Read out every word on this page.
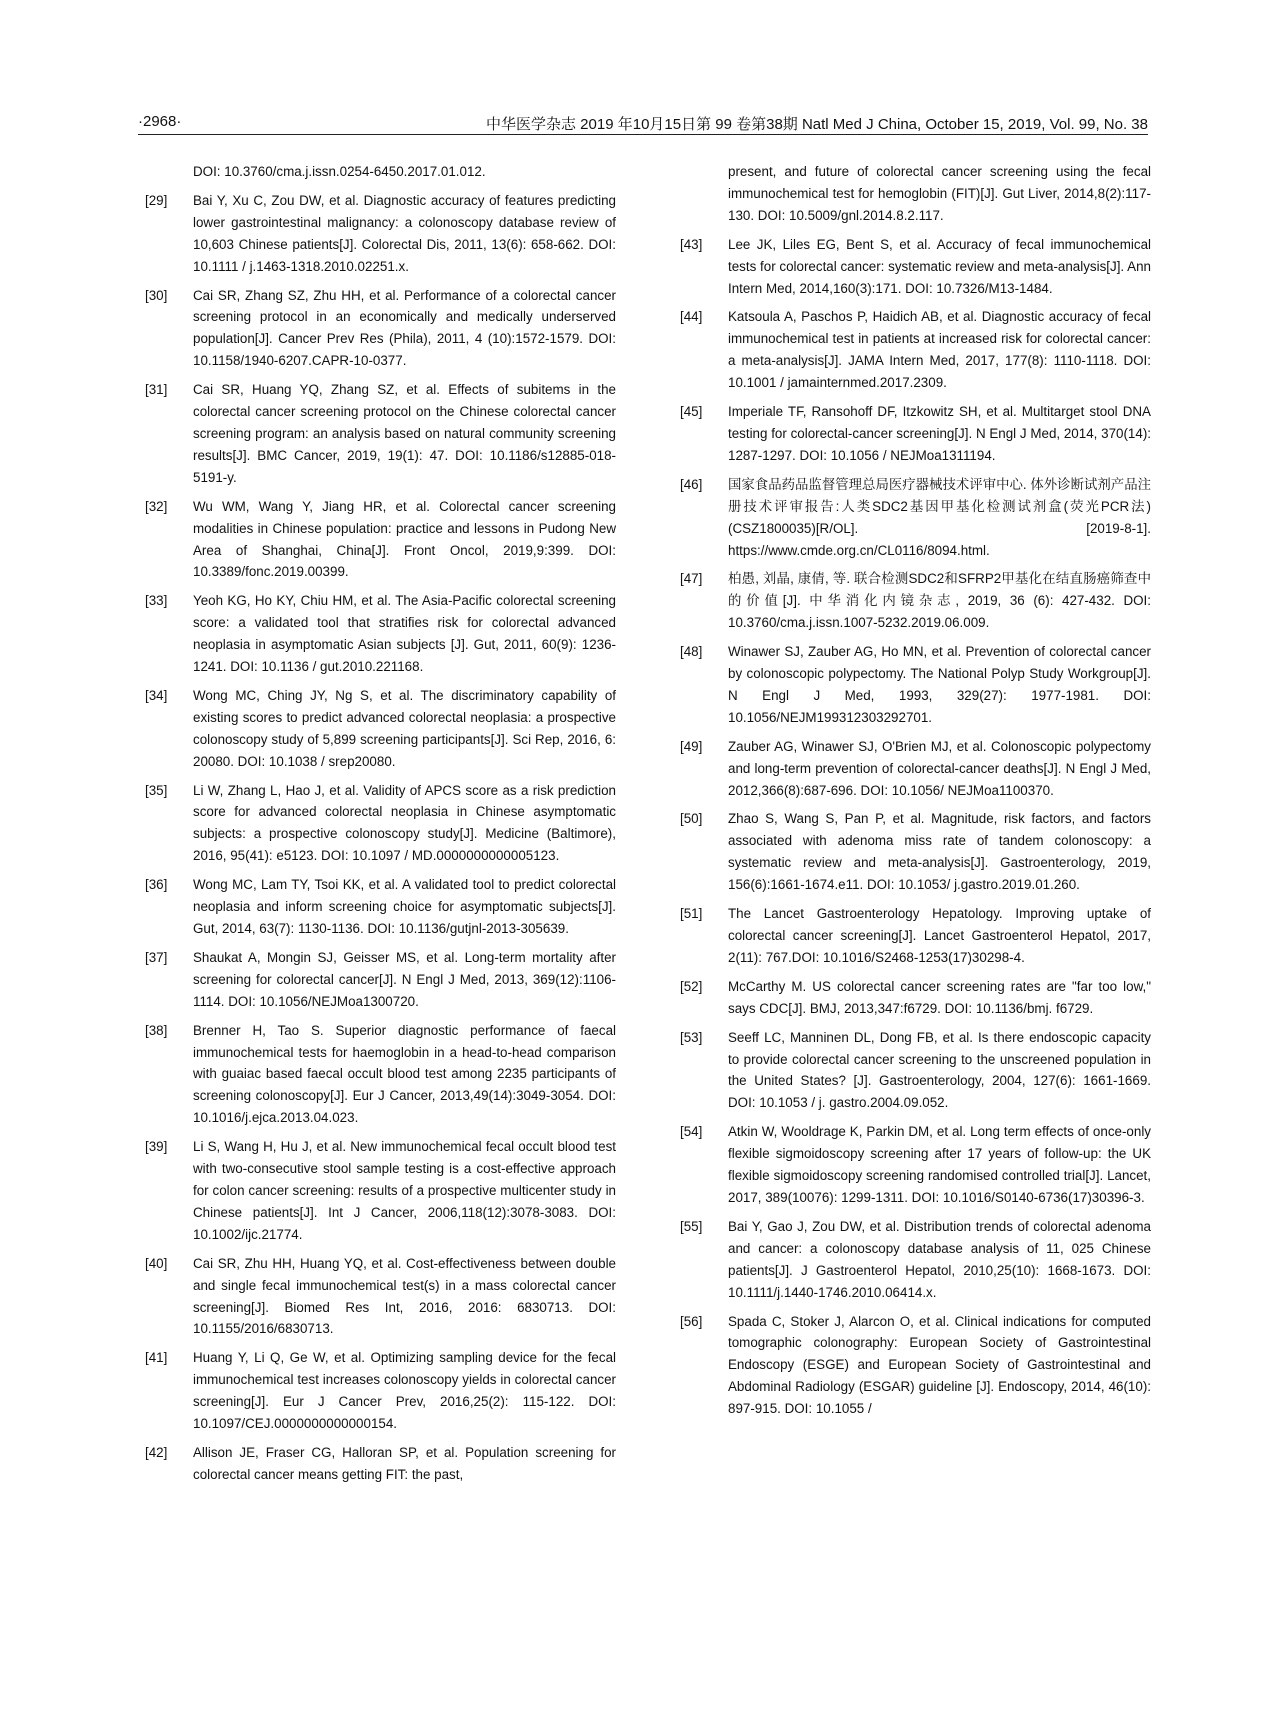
·2968·	中华医学杂志 2019 年10月15日第 99 卷第38期 Natl Med J China, October 15, 2019, Vol. 99, No. 38
DOI: 10.3760/cma.j.issn.0254-6450.2017.01.012.
[29] Bai Y, Xu C, Zou DW, et al. Diagnostic accuracy of features predicting lower gastrointestinal malignancy: a colonoscopy database review of 10,603 Chinese patients[J]. Colorectal Dis, 2011, 13(6): 658-662. DOI: 10.1111 / j.1463-1318.2010.02251.x.
[30] Cai SR, Zhang SZ, Zhu HH, et al. Performance of a colorectal cancer screening protocol in an economically and medically underserved population[J]. Cancer Prev Res (Phila), 2011, 4 (10):1572-1579. DOI: 10.1158/1940-6207.CAPR-10-0377.
[31] Cai SR, Huang YQ, Zhang SZ, et al. Effects of subitems in the colorectal cancer screening protocol on the Chinese colorectal cancer screening program: an analysis based on natural community screening results[J]. BMC Cancer, 2019, 19(1): 47. DOI: 10.1186/s12885-018-5191-y.
[32] Wu WM, Wang Y, Jiang HR, et al. Colorectal cancer screening modalities in Chinese population: practice and lessons in Pudong New Area of Shanghai, China[J]. Front Oncol, 2019,9:399. DOI: 10.3389/fonc.2019.00399.
[33] Yeoh KG, Ho KY, Chiu HM, et al. The Asia-Pacific colorectal screening score: a validated tool that stratifies risk for colorectal advanced neoplasia in asymptomatic Asian subjects [J]. Gut, 2011, 60(9): 1236-1241. DOI: 10.1136 / gut.2010.221168.
[34] Wong MC, Ching JY, Ng S, et al. The discriminatory capability of existing scores to predict advanced colorectal neoplasia: a prospective colonoscopy study of 5,899 screening participants[J]. Sci Rep, 2016, 6: 20080. DOI: 10.1038 / srep20080.
[35] Li W, Zhang L, Hao J, et al. Validity of APCS score as a risk prediction score for advanced colorectal neoplasia in Chinese asymptomatic subjects: a prospective colonoscopy study[J]. Medicine (Baltimore), 2016, 95(41): e5123. DOI: 10.1097 / MD.0000000000005123.
[36] Wong MC, Lam TY, Tsoi KK, et al. A validated tool to predict colorectal neoplasia and inform screening choice for asymptomatic subjects[J]. Gut, 2014, 63(7): 1130-1136. DOI: 10.1136/gutjnl-2013-305639.
[37] Shaukat A, Mongin SJ, Geisser MS, et al. Long-term mortality after screening for colorectal cancer[J]. N Engl J Med, 2013, 369(12):1106-1114. DOI: 10.1056/NEJMoa1300720.
[38] Brenner H, Tao S. Superior diagnostic performance of faecal immunochemical tests for haemoglobin in a head-to-head comparison with guaiac based faecal occult blood test among 2235 participants of screening colonoscopy[J]. Eur J Cancer, 2013,49(14):3049-3054. DOI: 10.1016/j.ejca.2013.04.023.
[39] Li S, Wang H, Hu J, et al. New immunochemical fecal occult blood test with two-consecutive stool sample testing is a cost-effective approach for colon cancer screening: results of a prospective multicenter study in Chinese patients[J]. Int J Cancer, 2006,118(12):3078-3083. DOI: 10.1002/ijc.21774.
[40] Cai SR, Zhu HH, Huang YQ, et al. Cost-effectiveness between double and single fecal immunochemical test(s) in a mass colorectal cancer screening[J]. Biomed Res Int, 2016, 2016: 6830713. DOI: 10.1155/2016/6830713.
[41] Huang Y, Li Q, Ge W, et al. Optimizing sampling device for the fecal immunochemical test increases colonoscopy yields in colorectal cancer screening[J]. Eur J Cancer Prev, 2016,25(2): 115-122. DOI: 10.1097/CEJ.0000000000000154.
[42] Allison JE, Fraser CG, Halloran SP, et al. Population screening for colorectal cancer means getting FIT: the past,
present, and future of colorectal cancer screening using the fecal immunochemical test for hemoglobin (FIT)[J]. Gut Liver, 2014,8(2):117-130. DOI: 10.5009/gnl.2014.8.2.117.
[43] Lee JK, Liles EG, Bent S, et al. Accuracy of fecal immunochemical tests for colorectal cancer: systematic review and meta-analysis[J]. Ann Intern Med, 2014,160(3):171. DOI: 10.7326/M13-1484.
[44] Katsoula A, Paschos P, Haidich AB, et al. Diagnostic accuracy of fecal immunochemical test in patients at increased risk for colorectal cancer: a meta-analysis[J]. JAMA Intern Med, 2017, 177(8): 1110-1118. DOI: 10.1001 / jamainternmed.2017.2309.
[45] Imperiale TF, Ransohoff DF, Itzkowitz SH, et al. Multitarget stool DNA testing for colorectal-cancer screening[J]. N Engl J Med, 2014, 370(14): 1287-1297. DOI: 10.1056 / NEJMoa1311194.
[46] 国家食品药品监督管理总局医疗器械技术评审中心. 体外诊断试剂产品注册技术评审报告:人类SDC2基因甲基化检测试剂盒(荧光PCR法)(CSZ1800035)[R/OL]. [2019-8-1]. https://www.cmde.org.cn/CL0116/8094.html.
[47] 柏愚, 刘晶, 康倩, 等. 联合检测SDC2和SFRP2甲基化在结直肠癌筛查中的价值[J]. 中华消化内镜杂志, 2019, 36 (6): 427-432. DOI: 10.3760/cma.j.issn.1007-5232.2019.06.009.
[48] Winawer SJ, Zauber AG, Ho MN, et al. Prevention of colorectal cancer by colonoscopic polypectomy. The National Polyp Study Workgroup[J]. N Engl J Med, 1993, 329(27): 1977-1981. DOI: 10.1056/NEJM199312303292701.
[49] Zauber AG, Winawer SJ, O'Brien MJ, et al. Colonoscopic polypectomy and long-term prevention of colorectal-cancer deaths[J]. N Engl J Med, 2012,366(8):687-696. DOI: 10.1056/ NEJMoa1100370.
[50] Zhao S, Wang S, Pan P, et al. Magnitude, risk factors, and factors associated with adenoma miss rate of tandem colonoscopy: a systematic review and meta-analysis[J]. Gastroenterology, 2019, 156(6):1661-1674.e11. DOI: 10.1053/ j.gastro.2019.01.260.
[51] The Lancet Gastroenterology Hepatology. Improving uptake of colorectal cancer screening[J]. Lancet Gastroenterol Hepatol, 2017, 2(11): 767.DOI: 10.1016/S2468-1253(17)30298-4.
[52] McCarthy M. US colorectal cancer screening rates are "far too low," says CDC[J]. BMJ, 2013,347:f6729. DOI: 10.1136/bmj. f6729.
[53] Seeff LC, Manninen DL, Dong FB, et al. Is there endoscopic capacity to provide colorectal cancer screening to the unscreened population in the United States? [J]. Gastroenterology, 2004, 127(6): 1661-1669. DOI: 10.1053 / j. gastro.2004.09.052.
[54] Atkin W, Wooldrage K, Parkin DM, et al. Long term effects of once-only flexible sigmoidoscopy screening after 17 years of follow-up: the UK flexible sigmoidoscopy screening randomised controlled trial[J]. Lancet, 2017, 389(10076): 1299-1311. DOI: 10.1016/S0140-6736(17)30396-3.
[55] Bai Y, Gao J, Zou DW, et al. Distribution trends of colorectal adenoma and cancer: a colonoscopy database analysis of 11, 025 Chinese patients[J]. J Gastroenterol Hepatol, 2010,25(10): 1668-1673. DOI: 10.1111/j.1440-1746.2010.06414.x.
[56] Spada C, Stoker J, Alarcon O, et al. Clinical indications for computed tomographic colonography: European Society of Gastrointestinal Endoscopy (ESGE) and European Society of Gastrointestinal and Abdominal Radiology (ESGAR) guideline [J]. Endoscopy, 2014, 46(10): 897-915. DOI: 10.1055 /
